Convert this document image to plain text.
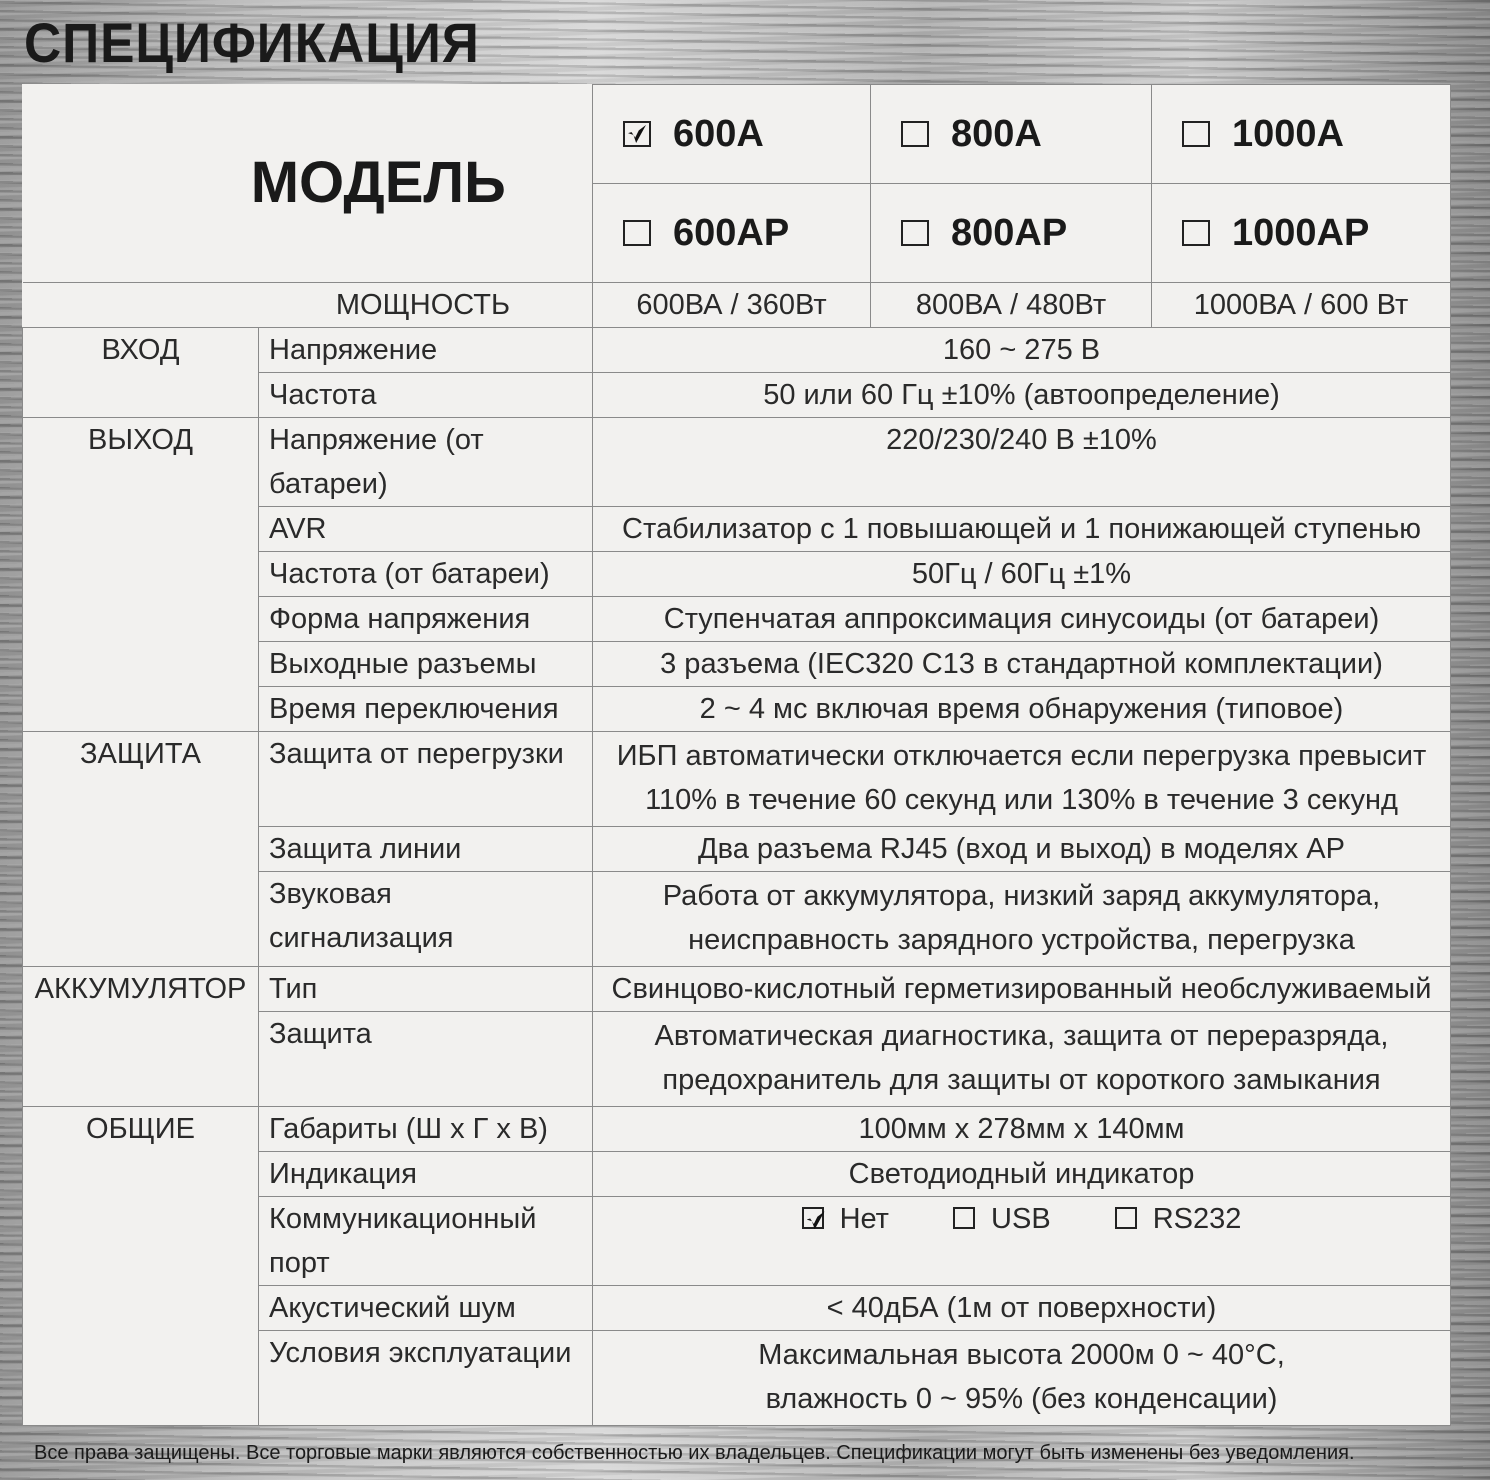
СПЕЦИФИКАЦИЯ
МОДЕЛЬ		600A	800A	1000A
		600AP	800AP	1000AP
МОЩНОСТЬ		600ВА / 360Вт	800ВА / 480Вт	1000ВА / 600 Вт
ВХОД	Напряжение	160 ~ 275 В		
	Частота	50 или 60 Гц ±10% (автоопределение)		
ВЫХОД	Напряжение (от батареи)	220/230/240 В ±10%		
	AVR	Стабилизатор с 1 повышающей и 1 понижающей ступенью		
	Частота (от батареи)	50Гц / 60Гц ±1%		
	Форма напряжения	Ступенчатая аппроксимация синусоиды (от батареи)		
	Выходные разъемы	3 разъема (IEC320 C13 в стандартной комплектации)		
	Время переключения	2 ~ 4 мс включая время обнаружения (типовое)		
ЗАЩИТА	Защита от перегрузки	ИБП автоматически отключается если перегрузка превысит
110% в течение 60 секунд или 130% в течение 3 секунд		

	Защита линии	Два разъема RJ45 (вход и выход) в моделях AP		
	Звуковая сигнализация	Работа от аккумулятора, низкий заряд аккумулятора,
неисправность зарядного устройства, перегрузка		

АККУМУЛЯТОР	Тип	Свинцово-кислотный герметизированный необслуживаемый		
	Защита	Автоматическая диагностика, защита от переразряда,
предохранитель для защиты от короткого замыкания		

ОБЩИЕ	Габариты (Ш х Г х В)	100мм х 278мм х 140мм		
	Индикация	Светодиодный индикатор		
	Коммуникационный порт	Нет USB RS232		
	Акустический шум	< 40дБА (1м от поверхности)		
	Условия эксплуатации	Максимальная высота 2000м 0 ~ 40°С,
влажность 0 ~ 95% (без конденсации)		

Все права защищены. Все торговые марки являются собственностью их владельцев. Спецификации могут быть изменены без уведомления.
